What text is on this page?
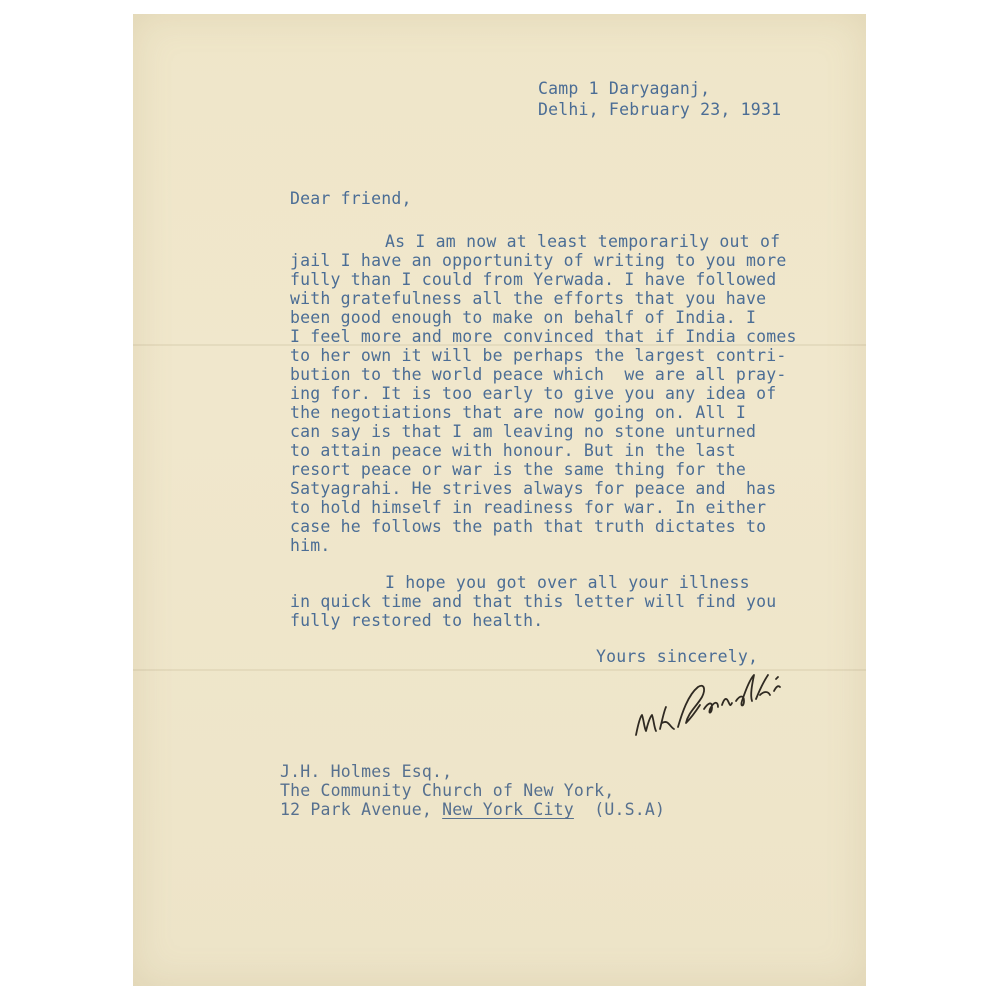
Camp 1 Daryaganj,
Delhi, February 23, 1931
Dear friend,
As I am now at least temporarily out of
jail I have an opportunity of writing to you more
fully than I could from Yerwada. I have followed
with gratefulness all the efforts that you have
been good enough to make on behalf of India. I
I feel more and more convinced that if India comes
to her own it will be perhaps the largest contri-
bution to the world peace which  we are all pray-
ing for. It is too early to give you any idea of
the negotiations that are now going on. All I
can say is that I am leaving no stone unturned
to attain peace with honour. But in the last
resort peace or war is the same thing for the
Satyagrahi. He strives always for peace and  has
to hold himself in readiness for war. In either
case he follows the path that truth dictates to
him.
I hope you got over all your illness
in quick time and that this letter will find you
fully restored to health.
Yours sincerely,
J.H. Holmes Esq.,
The Community Church of New York,
12 Park Avenue, New York City (U.S.A)
